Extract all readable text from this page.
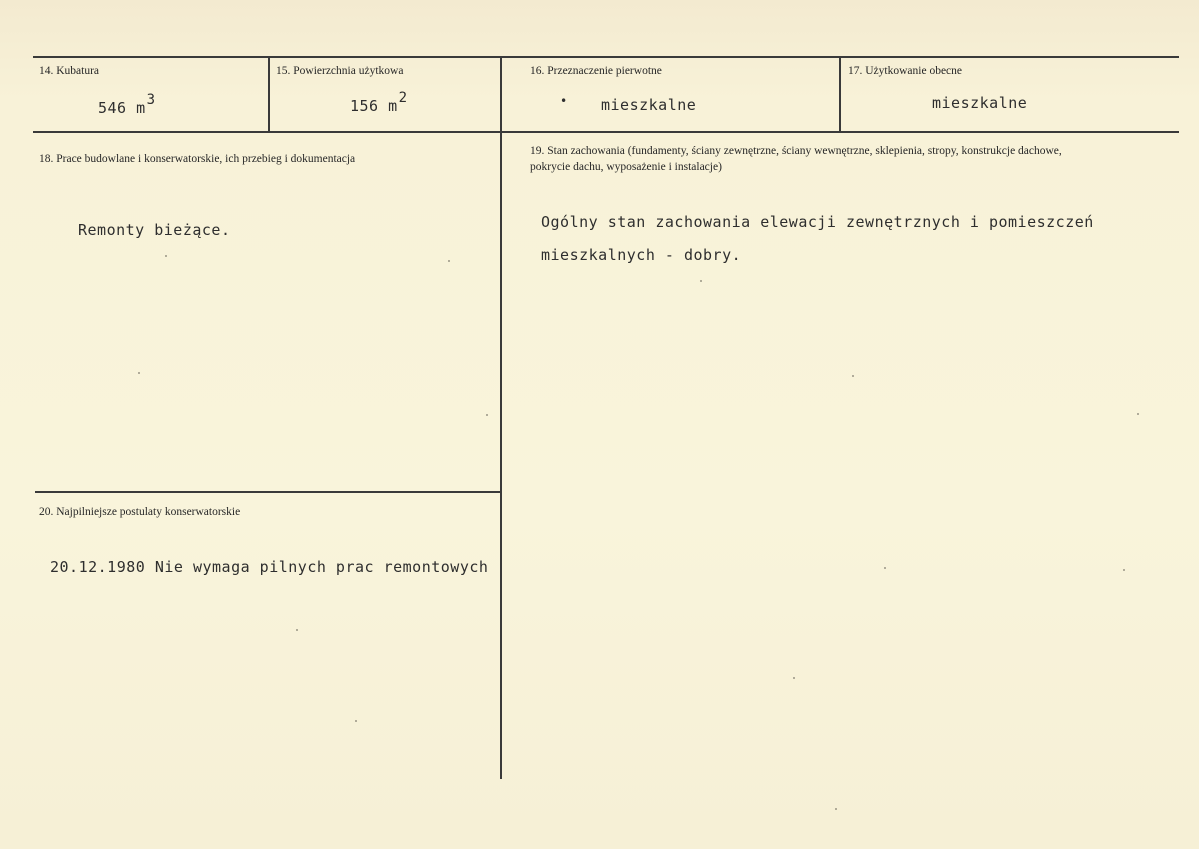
14. Kubatura
546 m3
15. Powierzchnia użytkowa
156 m2
16. Przeznaczenie pierwotne
• mieszkalne
17. Użytkowanie obecne
mieszkalne
18. Prace budowlane i konserwatorskie, ich przebieg i dokumentacja
Remonty bieżące.
19. Stan zachowania (fundamenty, ściany zewnętrzne, ściany wewnętrzne, sklepienia, stropy, konstrukcje dachowe, pokrycie dachu, wyposażenie i instalacje)
Ogólny stan zachowania elewacji zewnętrznych i pomieszczeń
mieszkalnych - dobry.
20. Najpilniejsze postulaty konserwatorskie
20.12.1980 Nie wymaga pilnych prac remontowych
